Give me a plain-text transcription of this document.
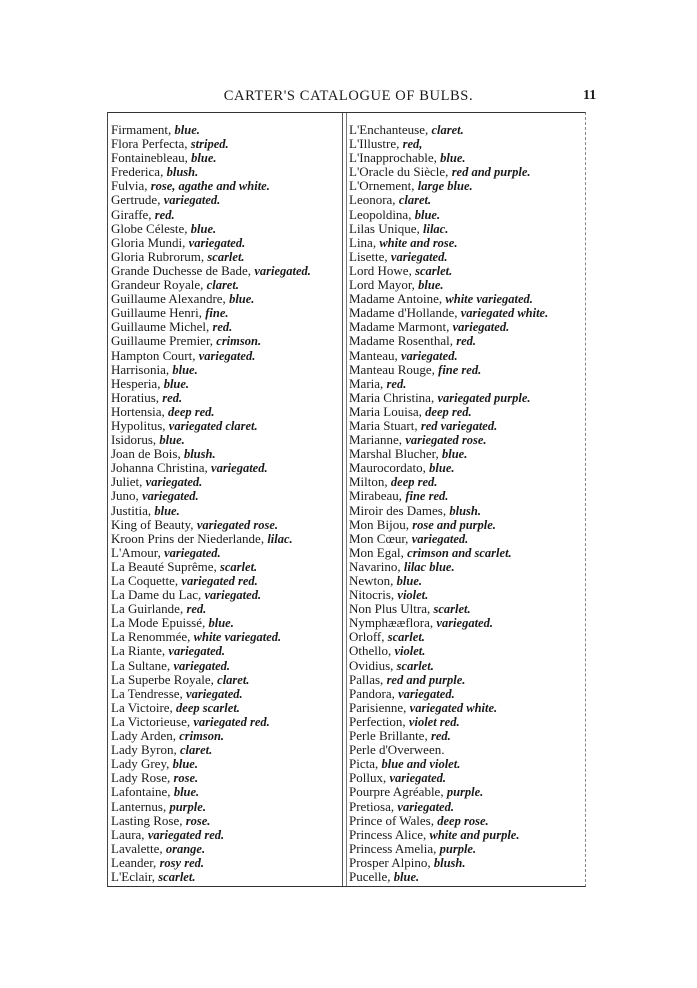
CARTER'S CATALOGUE OF BULBS.	11
Firmament, blue.
Flora Perfecta, striped.
Fontainebleau, blue.
Frederica, blush.
Fulvia, rose, agathe and white.
Gertrude, variegated.
Giraffe, red.
Globe Céleste, blue.
Gloria Mundi, variegated.
Gloria Rubrorum, scarlet.
Grande Duchesse de Bade, variegated.
Grandeur Royale, claret.
Guillaume Alexandre, blue.
Guillaume Henri, fine.
Guillaume Michel, red.
Guillaume Premier, crimson.
Hampton Court, variegated.
Harrisonia, blue.
Hesperia, blue.
Horatius, red.
Hortensia, deep red.
Hypolitus, variegated claret.
Isidorus, blue.
Joan de Bois, blush.
Johanna Christina, variegated.
Juliet, variegated.
Juno, variegated.
Justitia, blue.
King of Beauty, variegated rose.
Kroon Prins der Niederlande, lilac.
L'Amour, variegated.
La Beauté Suprême, scarlet.
La Coquette, variegated red.
La Dame du Lac, variegated.
La Guirlande, red.
La Mode Epuissé, blue.
La Renommée, white variegated.
La Riante, variegated.
La Sultane, variegated.
La Superbe Royale, claret.
La Tendresse, variegated.
La Victoire, deep scarlet.
La Victorieuse, variegated red.
Lady Arden, crimson.
Lady Byron, claret.
Lady Grey, blue.
Lady Rose, rose.
Lafontaine, blue.
Lanternus, purple.
Lasting Rose, rose.
Laura, variegated red.
Lavalette, orange.
Leander, rosy red.
L'Eclair, scarlet.
L'Enchanteuse, claret.
L'Illustre, red,
L'Inapprochable, blue.
L'Oracle du Siècle, red and purple.
L'Ornement, large blue.
Leonora, claret.
Leopoldina, blue.
Lilas Unique, lilac.
Lina, white and rose.
Lisette, variegated.
Lord Howe, scarlet.
Lord Mayor, blue.
Madame Antoine, white variegated.
Madame d'Hollande, variegated white.
Madame Marmont, variegated.
Madame Rosenthal, red.
Manteau, variegated.
Manteau Rouge, fine red.
Maria, red.
Maria Christina, variegated purple.
Maria Louisa, deep red.
Maria Stuart, red variegated.
Marianne, variegated rose.
Marshal Blucher, blue.
Maurocordato, blue.
Milton, deep red.
Mirabeau, fine red.
Miroir des Dames, blush.
Mon Bijou, rose and purple.
Mon Cœur, variegated.
Mon Egal, crimson and scarlet.
Navarino, lilac blue.
Newton, blue.
Nitocris, violet.
Non Plus Ultra, scarlet.
Nymphææflora, variegated.
Orloff, scarlet.
Othello, violet.
Ovidius, scarlet.
Pallas, red and purple.
Pandora, variegated.
Parisienne, variegated white.
Perfection, violet red.
Perle Brillante, red.
Perle d'Overween.
Picta, blue and violet.
Pollux, variegated.
Pourpre Agréable, purple.
Pretiosa, variegated.
Prince of Wales, deep rose.
Princess Alice, white and purple.
Princess Amelia, purple.
Prosper Alpino, blush.
Pucelle, blue.
